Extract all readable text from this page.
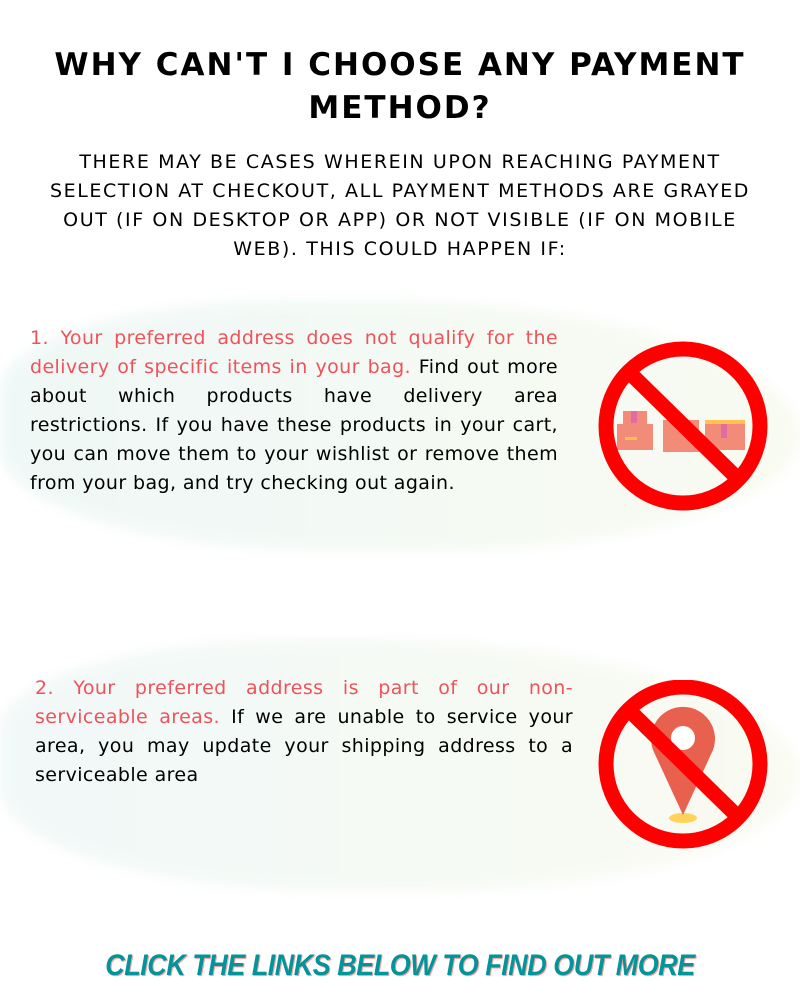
WHY CAN'T I CHOOSE ANY PAYMENT METHOD?

THERE MAY BE CASES WHEREIN UPON REACHING PAYMENT SELECTION AT CHECKOUT, ALL PAYMENT METHODS ARE GRAYED OUT (IF ON DESKTOP OR APP) OR NOT VISIBLE (IF ON MOBILE WEB). THIS COULD HAPPEN IF:

1. Your preferred address does not qualify for the delivery of specific items in your bag. Find out more about which products have delivery area restrictions. If you have these products in your cart, you can move them to your wishlist or remove them from your bag, and try checking out again.

2. Your preferred address is part of our non-serviceable areas. If we are unable to service your area, you may update your shipping address to a serviceable area

CLICK THE LINKS BELOW TO FIND OUT MORE
